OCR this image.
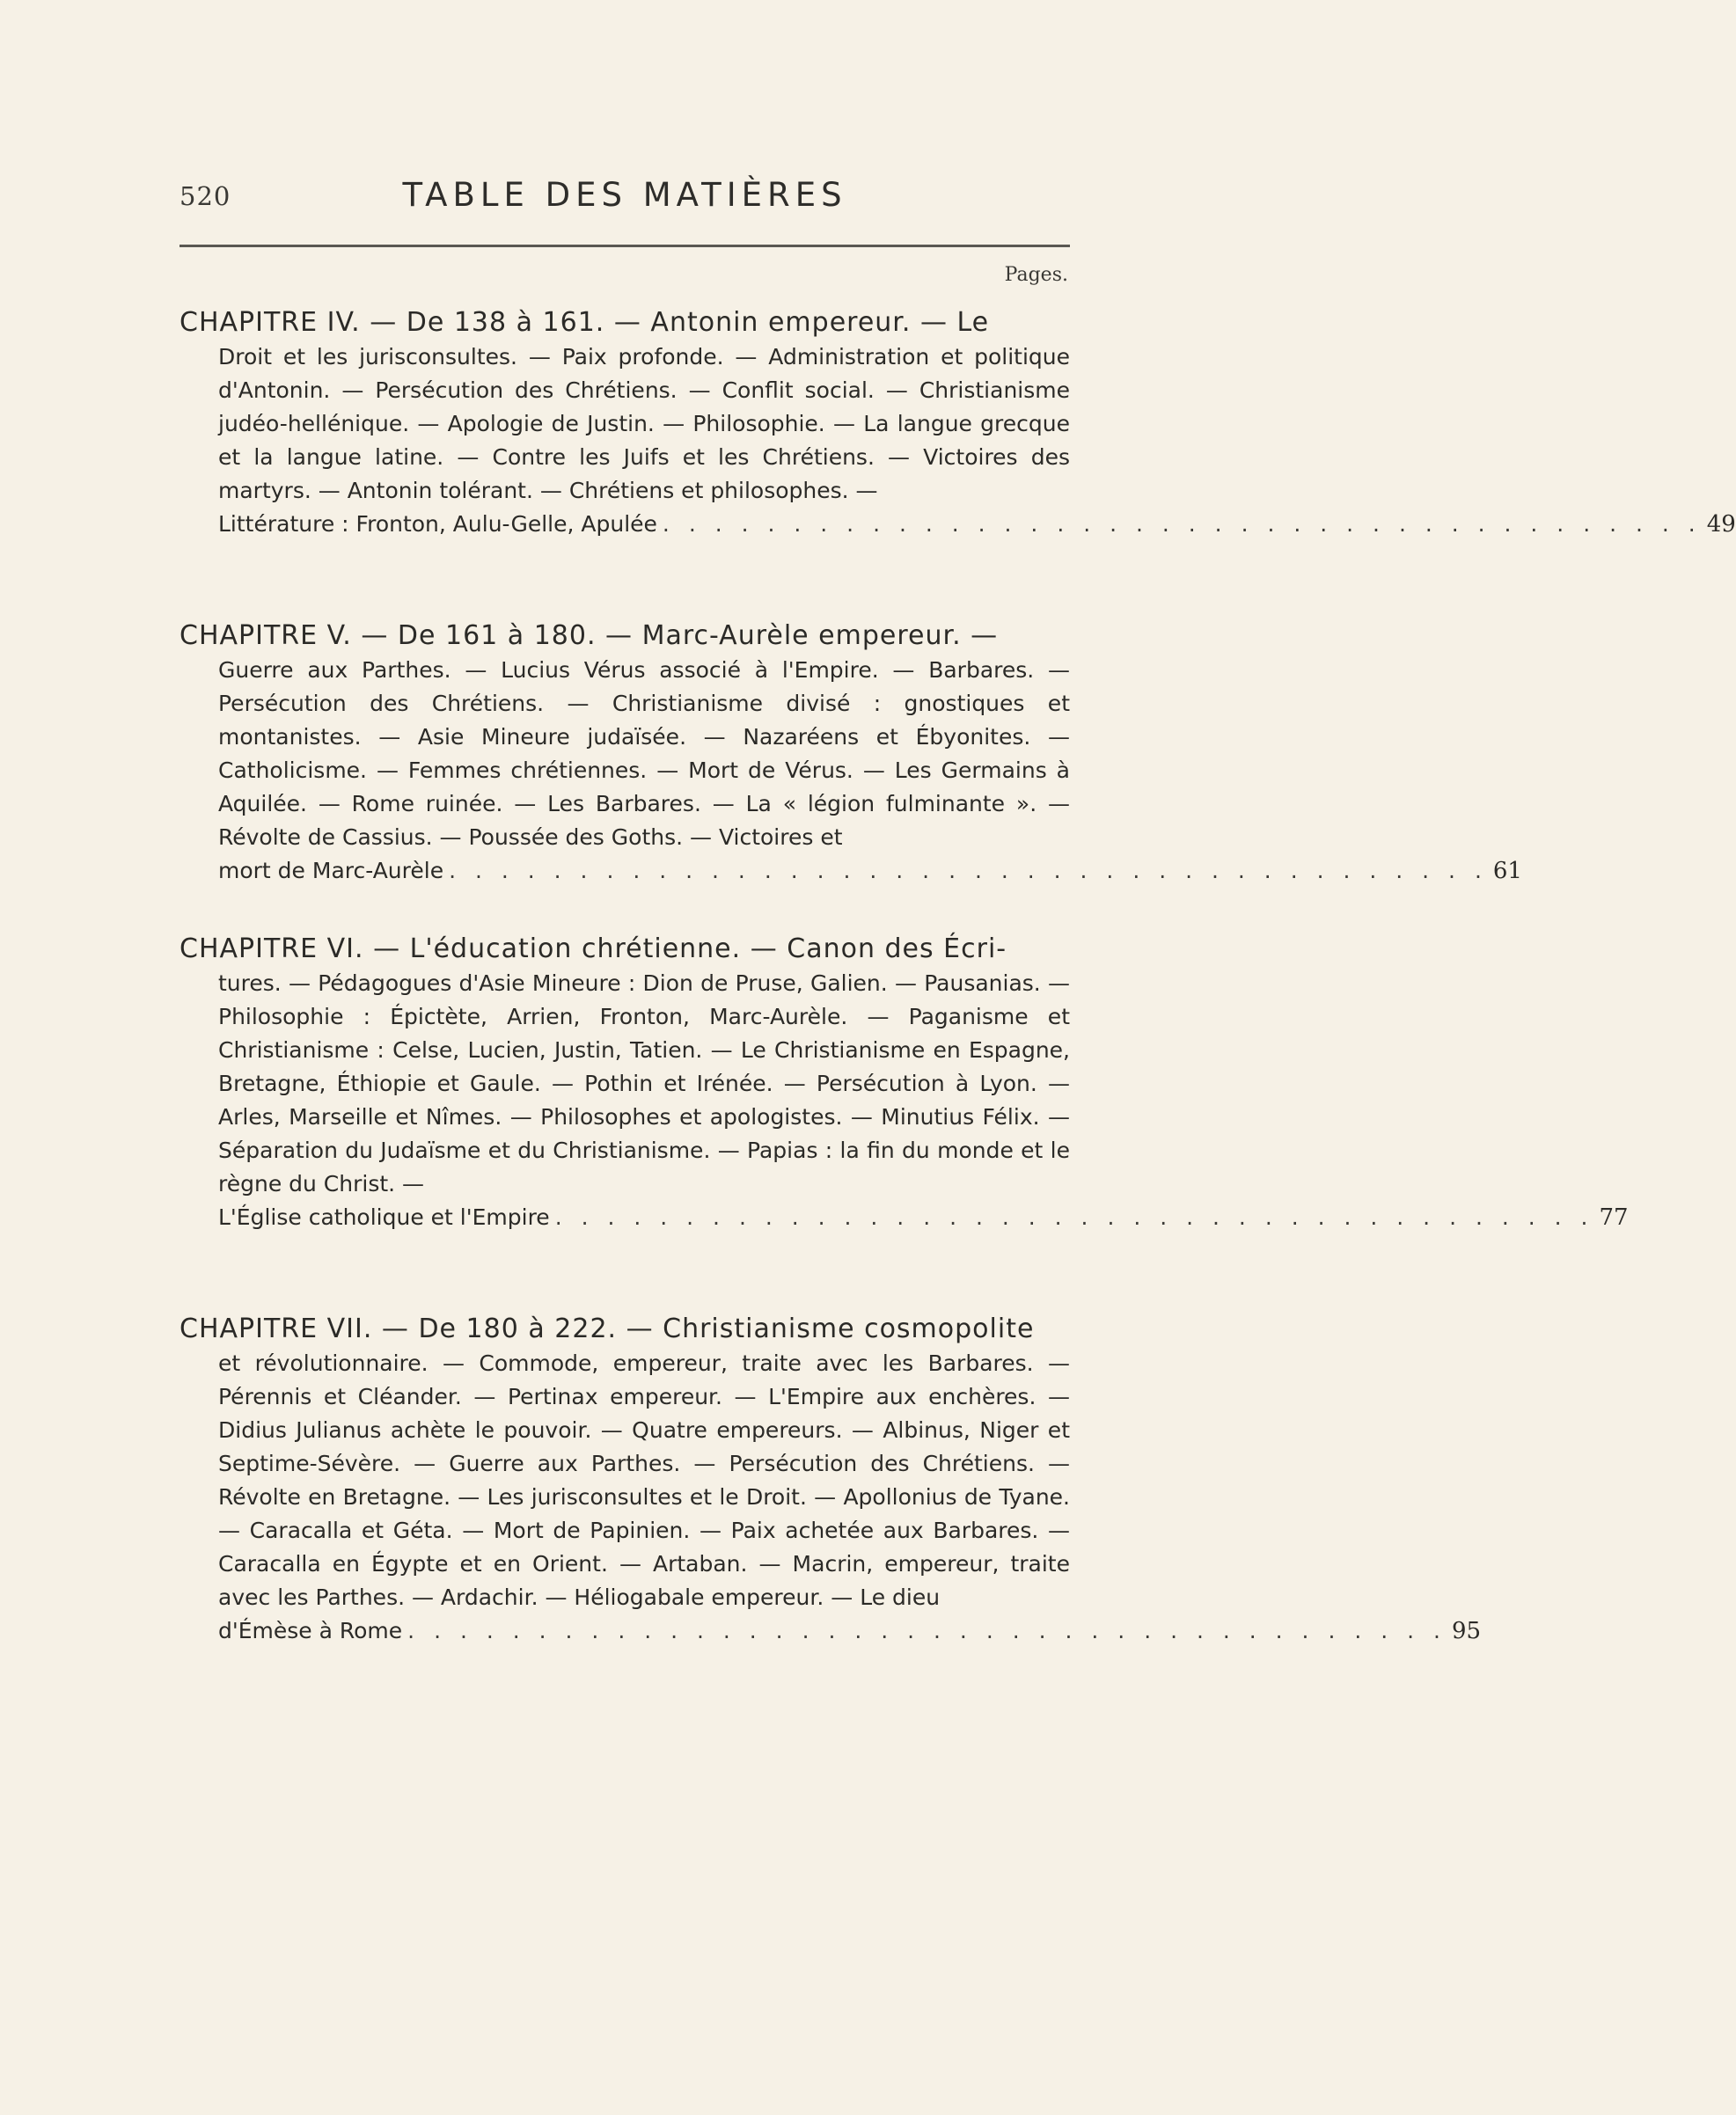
520	TABLE DES MATIÈRES
Pages.

CHAPITRE IV. — De 138 à 161. — Antonin empereur. — Le

Droit et les jurisconsultes. — Paix profonde. — Administration et politique d'Antonin. — Persécution des Chrétiens. — Conflit social. — Christianisme judéo-hellénique. — Apologie de Justin. — Philosophie. — La langue grecque et la langue latine. — Contre les Juifs et les Chrétiens. — Victoires des martyrs. — Antonin tolérant. — Chrétiens et philosophes. —

Littérature : Fronton, Aulu-Gelle, Apulée . . . . . . . . . . . . . . . . . . . . . . . . . . . . . . . . . . . . . . . . 49

CHAPITRE V. — De 161 à 180. — Marc-Aurèle empereur. —

Guerre aux Parthes. — Lucius Vérus associé à l'Empire. — Barbares. — Persécution des Chrétiens. — Christianisme divisé : gnostiques et montanistes. — Asie Mineure judaïsée. — Nazaréens et Ébyonites. — Catholicisme. — Femmes chrétiennes. — Mort de Vérus. — Les Germains à Aquilée. — Rome ruinée. — Les Barbares. — La « légion fulminante ». — Révolte de Cassius. — Poussée des Goths. — Victoires et

mort de Marc-Aurèle . . . . . . . . . . . . . . . . . . . . . . . . . . . . . . . . . . . . . . . . 61

CHAPITRE VI. — L'éducation chrétienne. — Canon des Écri-

tures. — Pédagogues d'Asie Mineure : Dion de Pruse, Galien. — Pausanias. — Philosophie : Épictète, Arrien, Fronton, Marc-Aurèle. — Paganisme et Christianisme : Celse, Lucien, Justin, Tatien. — Le Christianisme en Espagne, Bretagne, Éthiopie et Gaule. — Pothin et Irénée. — Persécution à Lyon. — Arles, Marseille et Nîmes. — Philosophes et apologistes. — Minutius Félix. — Séparation du Judaïsme et du Christianisme. — Papias : la fin du monde et le règne du Christ. —

L'Église catholique et l'Empire . . . . . . . . . . . . . . . . . . . . . . . . . . . . . . . . . . . . . . . . 77

CHAPITRE VII. — De 180 à 222. — Christianisme cosmopolite

et révolutionnaire. — Commode, empereur, traite avec les Barbares. — Pérennis et Cléander. — Pertinax empereur. — L'Empire aux enchères. — Didius Julianus achète le pouvoir. — Quatre empereurs. — Albinus, Niger et Septime-Sévère. — Guerre aux Parthes. — Persécution des Chrétiens. — Révolte en Bretagne. — Les jurisconsultes et le Droit. — Apollonius de Tyane. — Caracalla et Géta. — Mort de Papinien. — Paix achetée aux Barbares. — Caracalla en Égypte et en Orient. — Artaban. — Macrin, empereur, traite avec les Parthes. — Ardachir. — Héliogabale empereur. — Le dieu

d'Émèse à Rome . . . . . . . . . . . . . . . . . . . . . . . . . . . . . . . . . . . . . . . . 95
